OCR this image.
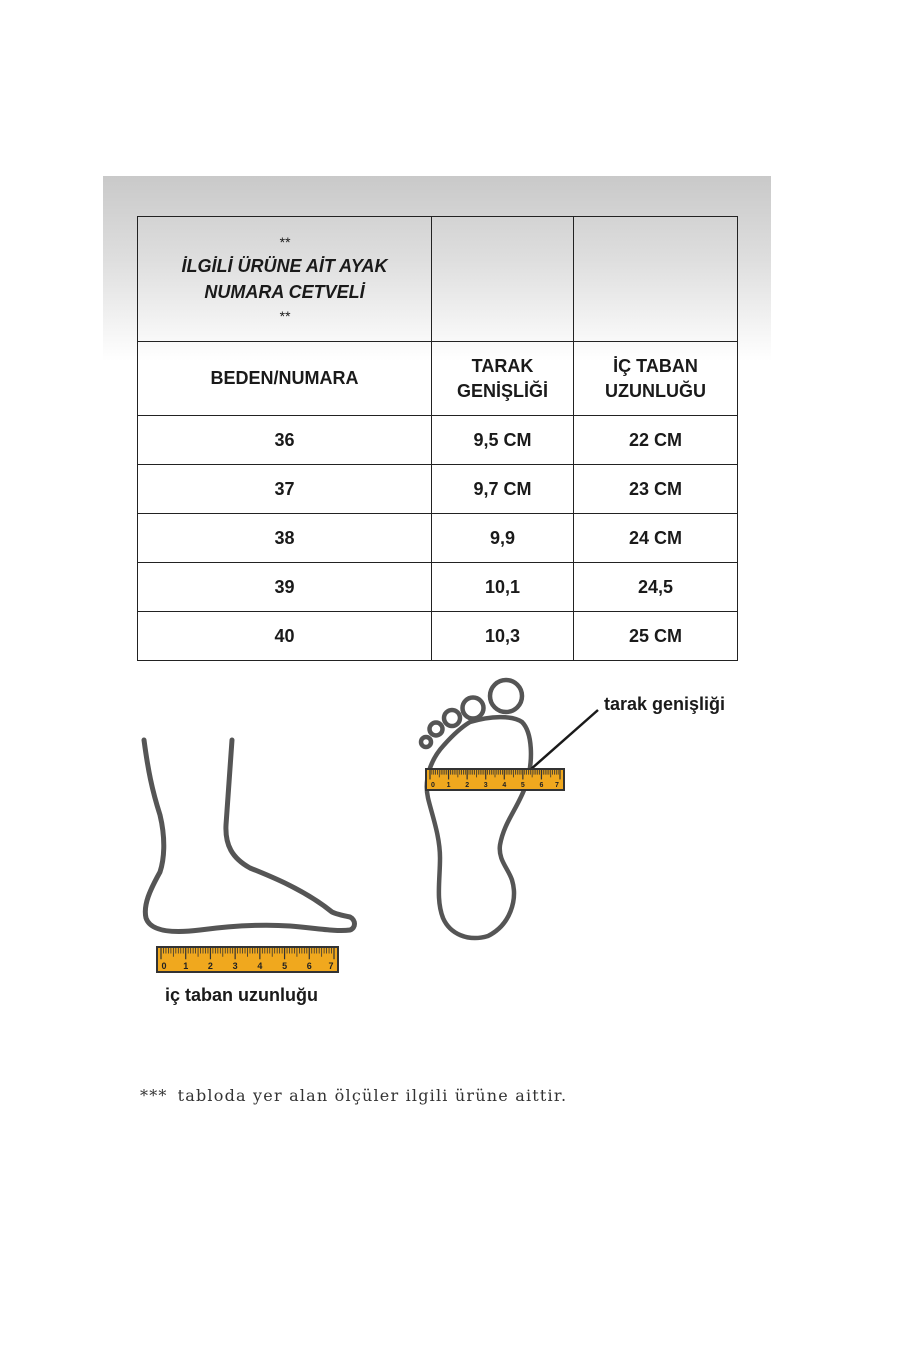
**
İLGİLİ ÜRÜNE AİT AYAK NUMARA CETVELİ
**		

BEDEN/NUMARA	TARAK GENİŞLİĞİ	İÇ TABAN UZUNLUĞU

36	9,5 CM	22 CM
37	9,7 CM	23 CM
38	9,9	24 CM
39	10,1	24,5
40	10,3	25 CM
0 1 2 3 4 5 6 7
0 1 2 3 4 5 6 7
iç taban uzunluğu
tarak genişliği
*** tabloda yer alan ölçüler ilgili ürüne aittir.
